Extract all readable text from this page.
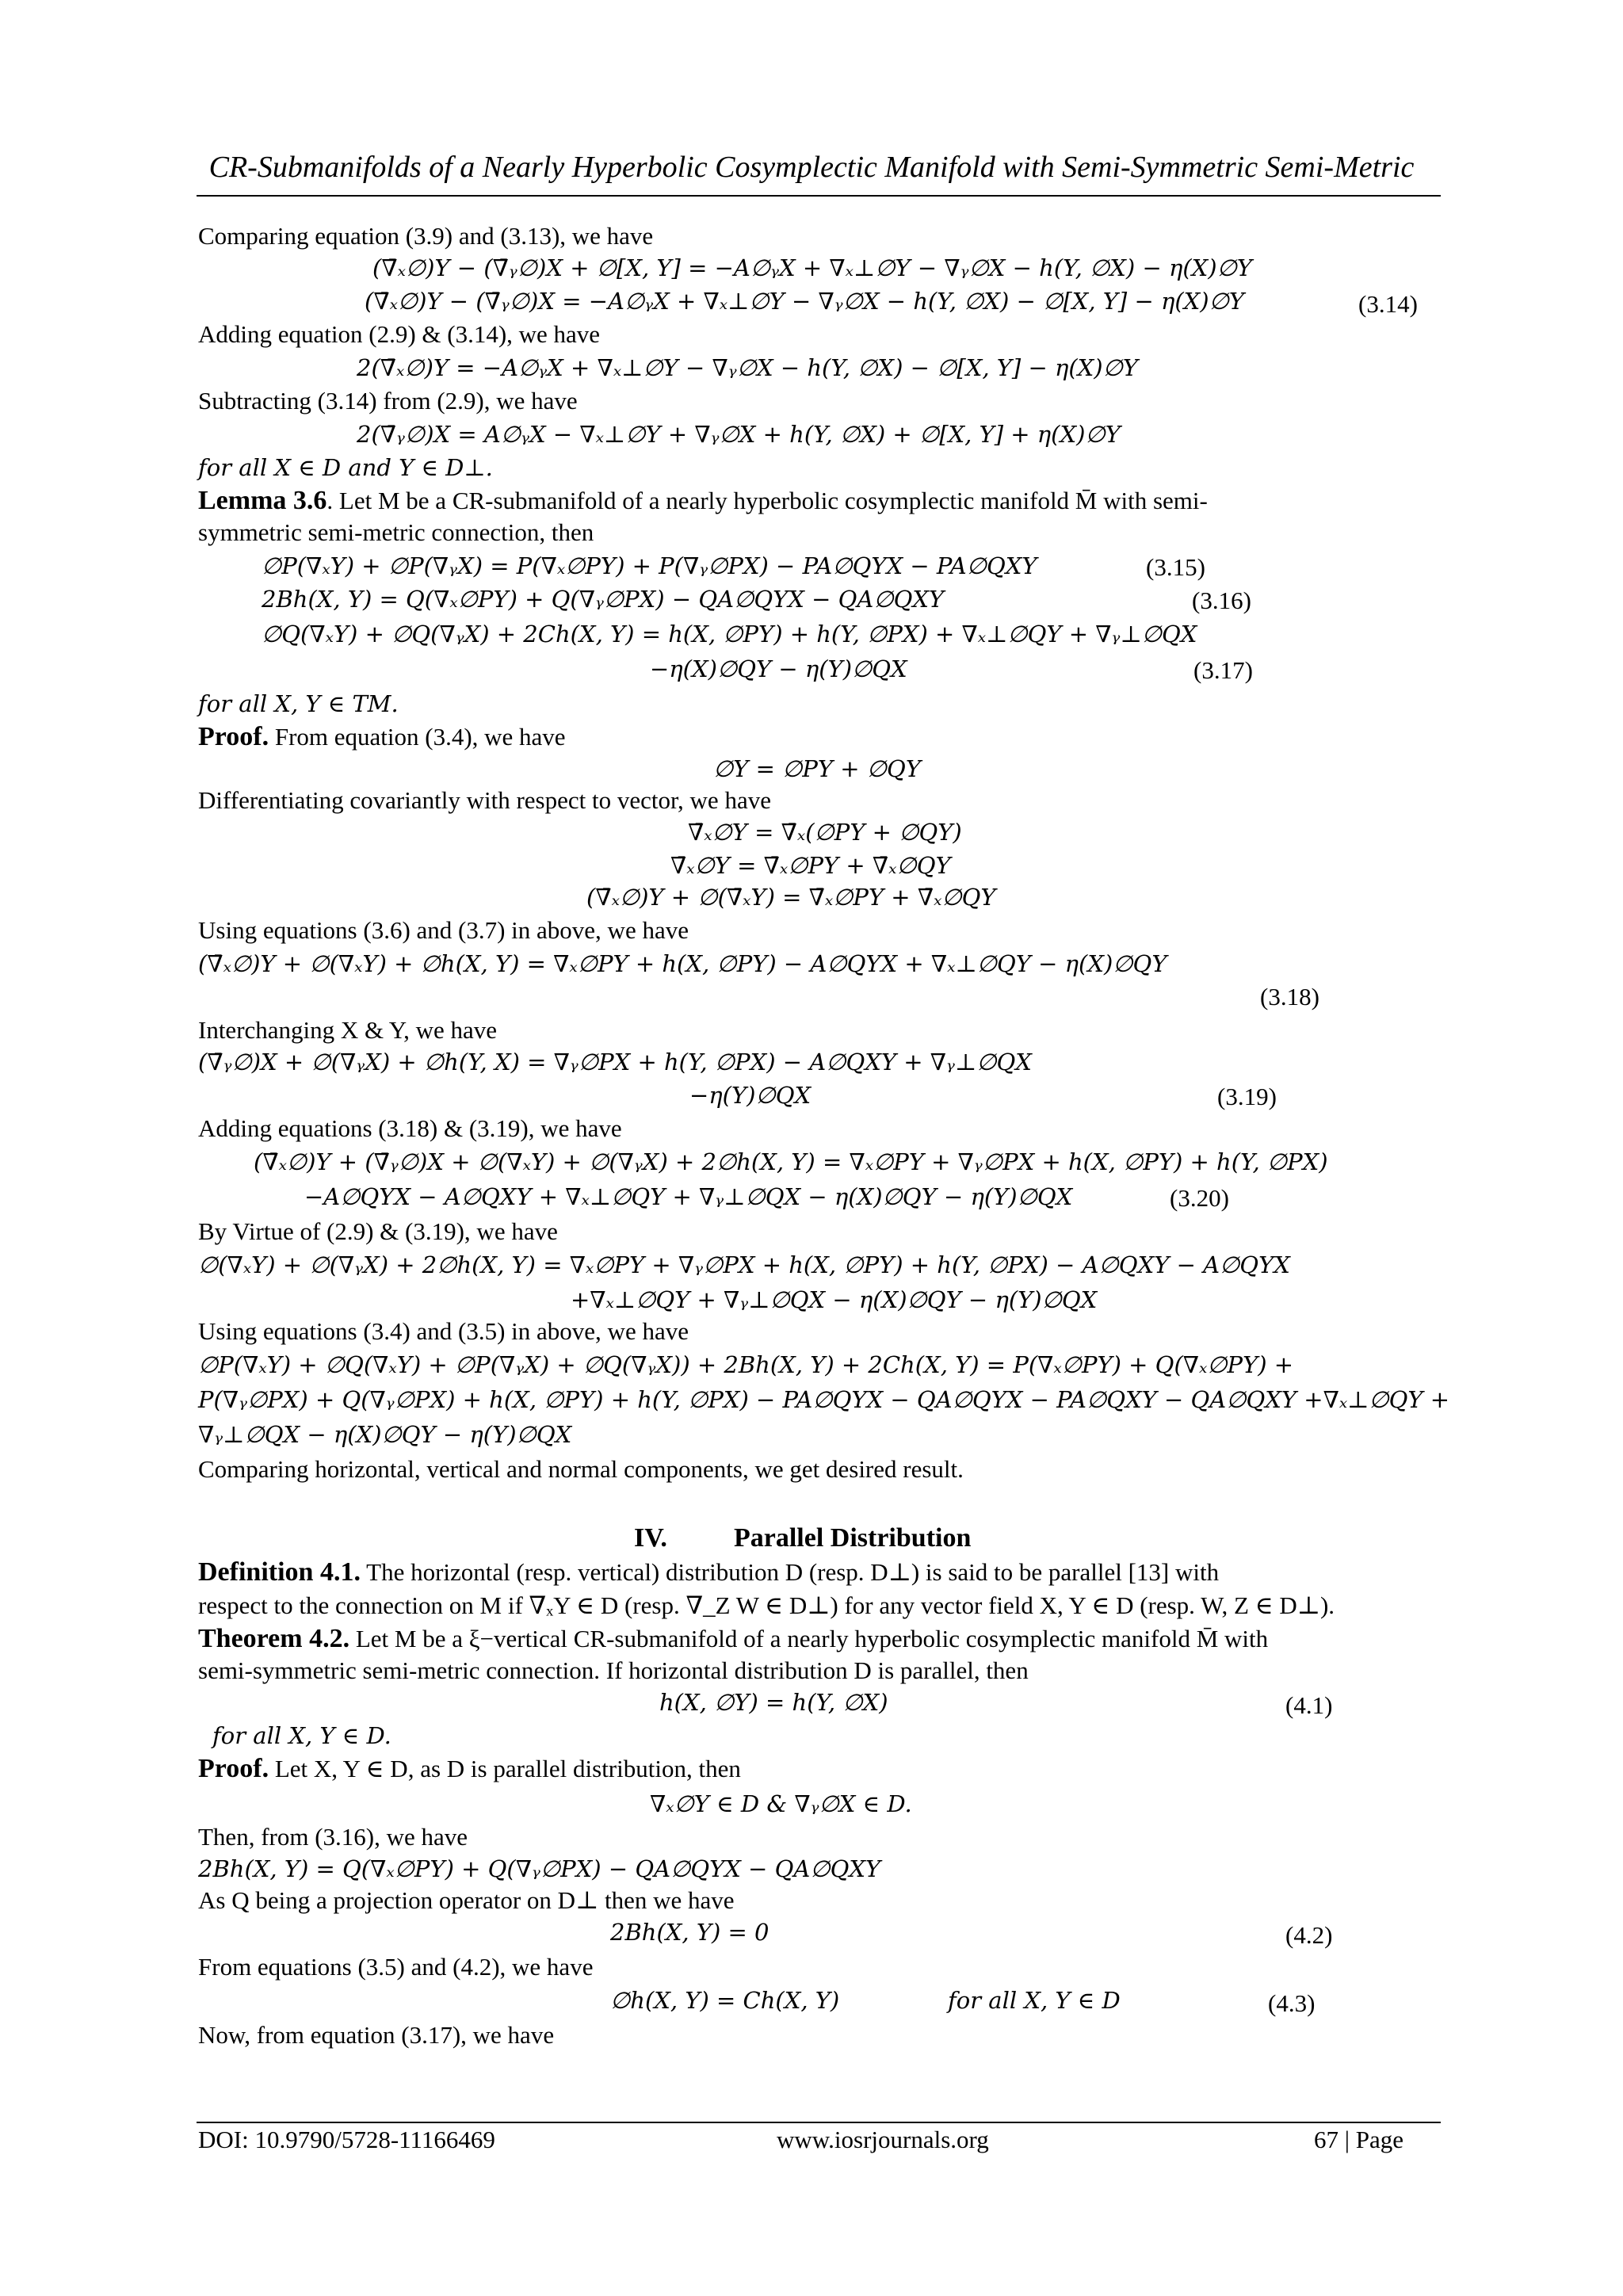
CR-Submanifolds of a Nearly Hyperbolic Cosymplectic Manifold with Semi-Symmetric Semi-Metric
Comparing equation (3.9) and (3.13), we have
(∇̄ₓ∅)Y − (∇̄ᵧ∅)X + ∅[X, Y] = −A∅ᵧX + ∇ₓ⊥∅Y − ∇ᵧ∅X − h(Y, ∅X) − η(X)∅Y
(∇̄ₓ∅)Y − (∇̄ᵧ∅)X = −A∅ᵧX + ∇ₓ⊥∅Y − ∇ᵧ∅X − h(Y, ∅X) − ∅[X, Y] − η(X)∅Y	(3.14)
Adding equation (2.9) & (3.14), we have
2(∇̄ₓ∅)Y = −A∅ᵧX + ∇ₓ⊥∅Y − ∇ᵧ∅X − h(Y, ∅X) − ∅[X, Y] − η(X)∅Y
Subtracting (3.14) from (2.9), we have
2(∇̄ᵧ∅)X = A∅ᵧX − ∇ₓ⊥∅Y + ∇ᵧ∅X + h(Y, ∅X) + ∅[X, Y] + η(X)∅Y
for all X ∈ D and Y ∈ D⊥.
Lemma 3.6. Let M be a CR-submanifold of a nearly hyperbolic cosymplectic manifold M̄ with semi-
symmetric semi-metric connection, then
∅P(∇ₓY) + ∅P(∇ᵧX) = P(∇ₓ∅PY) + P(∇ᵧ∅PX) − PA∅QYX − PA∅QXY	(3.15)
2Bh(X, Y) = Q(∇ₓ∅PY) + Q(∇ᵧ∅PX) − QA∅QYX − QA∅QXY	(3.16)
∅Q(∇ₓY) + ∅Q(∇ᵧX) + 2Ch(X, Y) = h(X, ∅PY) + h(Y, ∅PX) + ∇ₓ⊥∅QY + ∇ᵧ⊥∅QX
−η(X)∅QY − η(Y)∅QX	(3.17)
for all X, Y ∈ TM.
Proof. From equation (3.4), we have
∅Y = ∅PY + ∅QY
Differentiating covariantly with respect to vector, we have
∇̄ₓ∅Y = ∇̄ₓ(∅PY + ∅QY)
∇̄ₓ∅Y = ∇̄ₓ∅PY + ∇̄ₓ∅QY
(∇̄ₓ∅)Y + ∅(∇̄ₓY) = ∇̄ₓ∅PY + ∇̄ₓ∅QY
Using equations (3.6) and (3.7) in above, we have
(∇̄ₓ∅)Y + ∅(∇ₓY) + ∅h(X, Y) = ∇ₓ∅PY + h(X, ∅PY) − A∅QYX + ∇ₓ⊥∅QY − η(X)∅QY
(3.18)
Interchanging X & Y, we have
(∇̄ᵧ∅)X + ∅(∇ᵧX) + ∅h(Y, X) = ∇ᵧ∅PX + h(Y, ∅PX) − A∅QXY + ∇ᵧ⊥∅QX
−η(Y)∅QX	(3.19)
Adding equations (3.18) & (3.19), we have
(∇̄ₓ∅)Y + (∇̄ᵧ∅)X + ∅(∇ₓY) + ∅(∇ᵧX) + 2∅h(X, Y) = ∇ₓ∅PY + ∇ᵧ∅PX + h(X, ∅PY) + h(Y, ∅PX)
−A∅QYX − A∅QXY + ∇ₓ⊥∅QY + ∇ᵧ⊥∅QX − η(X)∅QY − η(Y)∅QX	(3.20)
By Virtue of (2.9) & (3.19), we have
∅(∇ₓY) + ∅(∇ᵧX) + 2∅h(X, Y) = ∇ₓ∅PY + ∇ᵧ∅PX + h(X, ∅PY) + h(Y, ∅PX) − A∅QXY − A∅QYX
+∇ₓ⊥∅QY + ∇ᵧ⊥∅QX − η(X)∅QY − η(Y)∅QX
Using equations (3.4) and (3.5) in above, we have
∅P(∇ₓY) + ∅Q(∇ₓY) + ∅P(∇ᵧX) + ∅Q(∇ᵧX)) + 2Bh(X, Y) + 2Ch(X, Y) = P(∇ₓ∅PY) + Q(∇ₓ∅PY) +
P(∇ᵧ∅PX) + Q(∇ᵧ∅PX) + h(X, ∅PY) + h(Y, ∅PX) − PA∅QYX − QA∅QYX − PA∅QXY − QA∅QXY +∇ₓ⊥∅QY +
∇ᵧ⊥∅QX − η(X)∅QY − η(Y)∅QX
Comparing horizontal, vertical and normal components, we get desired result.
IV. Parallel Distribution
Definition 4.1. The horizontal (resp. vertical) distribution D (resp. D⊥) is said to be parallel [13] with
respect to the connection on M if ∇ₓY ∈ D (resp. ∇_Z W ∈ D⊥) for any vector field X, Y ∈ D (resp. W, Z ∈ D⊥).
Theorem 4.2. Let M be a ξ−vertical CR-submanifold of a nearly hyperbolic cosymplectic manifold M̄ with
semi-symmetric semi-metric connection. If horizontal distribution D is parallel, then
h(X, ∅Y) = h(Y, ∅X)	(4.1)
for all X, Y ∈ D.
Proof. Let X, Y ∈ D, as D is parallel distribution, then
∇ₓ∅Y ∈ D & ∇ᵧ∅X ∈ D.
Then, from (3.16), we have
2Bh(X, Y) = Q(∇ₓ∅PY) + Q(∇ᵧ∅PX) − QA∅QYX − QA∅QXY
As Q being a projection operator on D⊥ then we have
2Bh(X, Y) = 0	(4.2)
From equations (3.5) and (4.2), we have
∅h(X, Y) = Ch(X, Y)	for all X, Y ∈ D	(4.3)
Now, from equation (3.17), we have
DOI: 10.9790/5728-11166469	www.iosrjournals.org	67 | Page
